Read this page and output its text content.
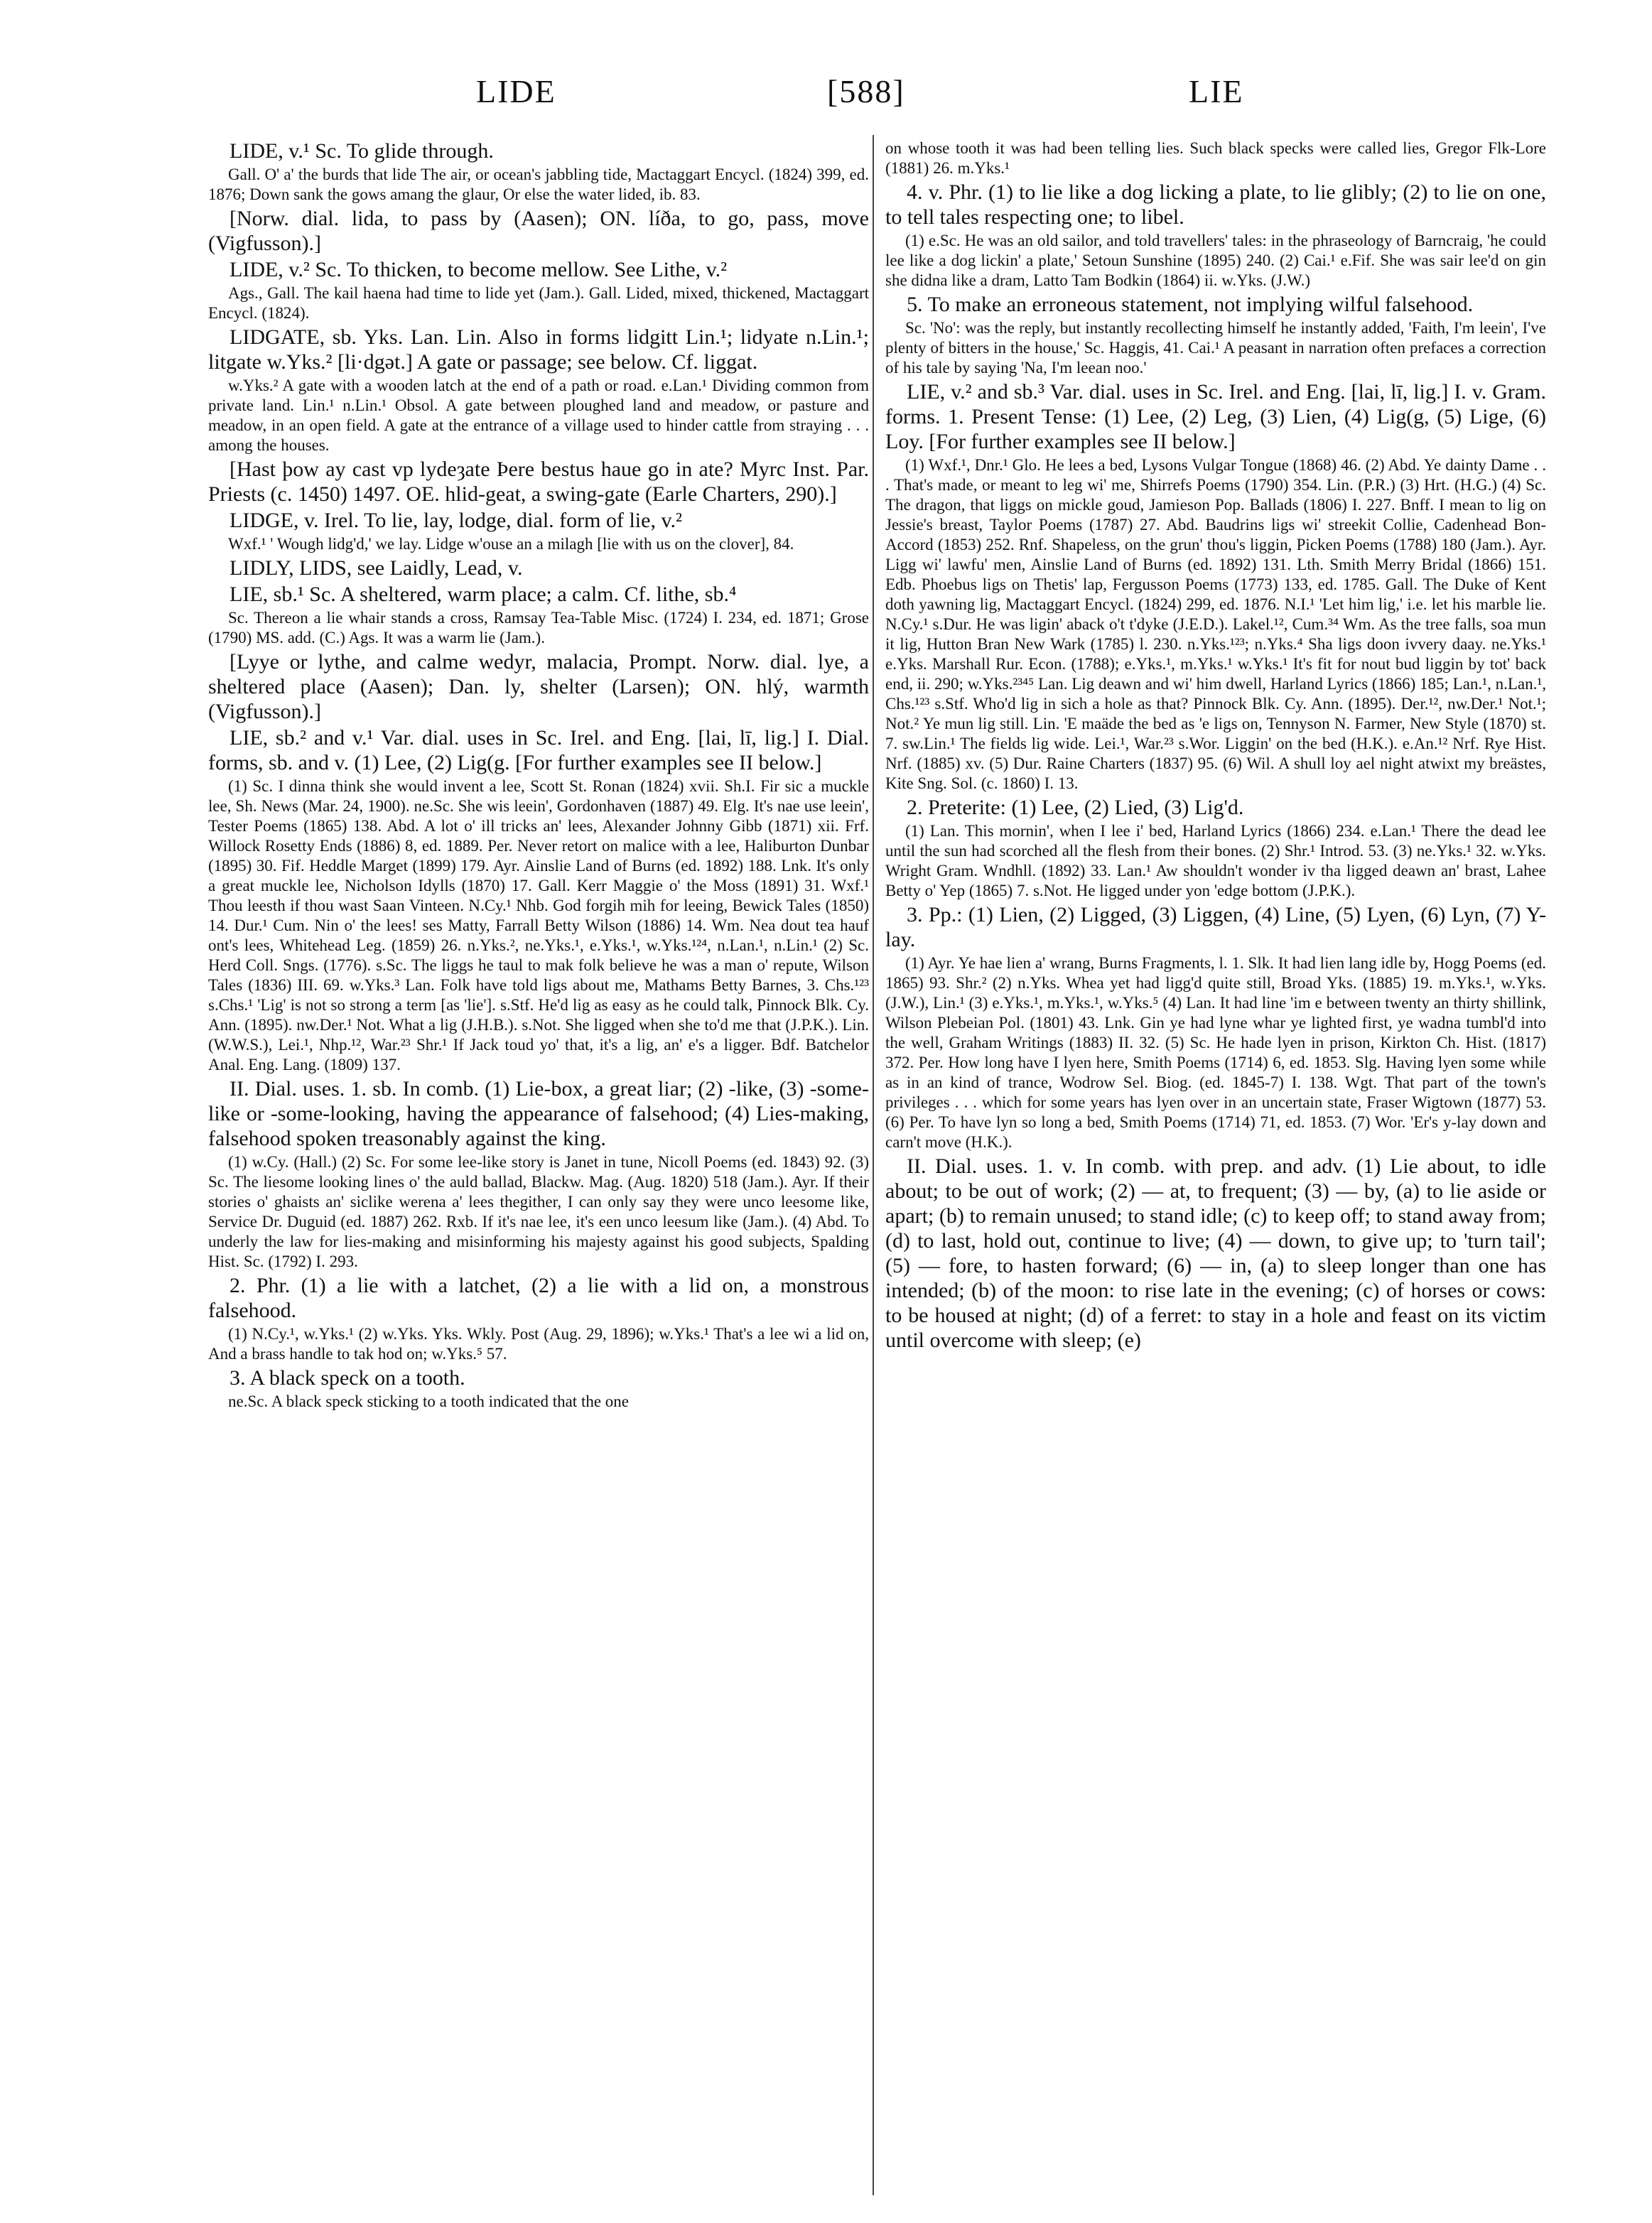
LIDE	[588]	LIE

LIDE, v.¹ Sc. To glide through.

Gall. O' a' the burds that lide The air, or ocean's jabbling tide, Mactaggart Encycl. (1824) 399, ed. 1876; Down sank the gows amang the glaur, Or else the water lided, ib. 83.

[Norw. dial. lida, to pass by (Aasen); ON. líða, to go, pass, move (Vigfusson).]

LIDE, v.² Sc. To thicken, to become mellow. See Lithe, v.²

Ags., Gall. The kail haena had time to lide yet (Jam.). Gall. Lided, mixed, thickened, Mactaggart Encycl. (1824).

LIDGATE, sb. Yks. Lan. Lin. Also in forms lidgitt Lin.¹; lidyate n.Lin.¹; litgate w.Yks.² [li·dgət.] A gate or passage; see below. Cf. liggat.

w.Yks.² A gate with a wooden latch at the end of a path or road. e.Lan.¹ Dividing common from private land. Lin.¹ n.Lin.¹ Obsol. A gate between ploughed land and meadow, or pasture and meadow, in an open field. A gate at the entrance of a village used to hinder cattle from straying . . . among the houses.

[Hast þow ay cast vp lydeȝate Þere bestus haue go in ate? Myrc Inst. Par. Priests (c. 1450) 1497. OE. hlid-geat, a swing-gate (Earle Charters, 290).]

LIDGE, v. Irel. To lie, lay, lodge, dial. form of lie, v.²

Wxf.¹ ' Wough lidg'd,' we lay. Lidge w'ouse an a milagh [lie with us on the clover], 84.

LIDLY, LIDS, see Laidly, Lead, v.

LIE, sb.¹ Sc. A sheltered, warm place; a calm. Cf. lithe, sb.⁴

Sc. Thereon a lie whair stands a cross, Ramsay Tea-Table Misc. (1724) I. 234, ed. 1871; Grose (1790) MS. add. (C.) Ags. It was a warm lie (Jam.).

[Lyye or lythe, and calme wedyr, malacia, Prompt. Norw. dial. lye, a sheltered place (Aasen); Dan. ly, shelter (Larsen); ON. hlý, warmth (Vigfusson).]

LIE, sb.² and v.¹ Var. dial. uses in Sc. Irel. and Eng. [lai, lī, lig.] I. Dial. forms, sb. and v. (1) Lee, (2) Lig(g. [For further examples see II below.]

(1) Sc. I dinna think she would invent a lee, Scott St. Ronan (1824) xvii. Sh.I. Fir sic a muckle lee, Sh. News (Mar. 24, 1900). ne.Sc. She wis leein', Gordonhaven (1887) 49. Elg. It's nae use leein', Tester Poems (1865) 138. Abd. A lot o' ill tricks an' lees, Alexander Johnny Gibb (1871) xii. Frf. Willock Rosetty Ends (1886) 8, ed. 1889. Per. Never retort on malice with a lee, Haliburton Dunbar (1895) 30. Fif. Heddle Marget (1899) 179. Ayr. Ainslie Land of Burns (ed. 1892) 188. Lnk. It's only a great muckle lee, Nicholson Idylls (1870) 17. Gall. Kerr Maggie o' the Moss (1891) 31. Wxf.¹ Thou leesth if thou wast Saan Vinteen. N.Cy.¹ Nhb. God forgih mih for leeing, Bewick Tales (1850) 14. Dur.¹ Cum. Nin o' the lees! ses Matty, Farrall Betty Wilson (1886) 14. Wm. Nea dout tea hauf ont's lees, Whitehead Leg. (1859) 26. n.Yks.², ne.Yks.¹, e.Yks.¹, w.Yks.¹²⁴, n.Lan.¹, n.Lin.¹ (2) Sc. Herd Coll. Sngs. (1776). s.Sc. The liggs he taul to mak folk believe he was a man o' repute, Wilson Tales (1836) III. 69. w.Yks.³ Lan. Folk have told ligs about me, Mathams Betty Barnes, 3. Chs.¹²³ s.Chs.¹ 'Lig' is not so strong a term [as 'lie']. s.Stf. He'd lig as easy as he could talk, Pinnock Blk. Cy. Ann. (1895). nw.Der.¹ Not. What a lig (J.H.B.). s.Not. She ligged when she to'd me that (J.P.K.). Lin. (W.W.S.), Lei.¹, Nhp.¹², War.²³ Shr.¹ If Jack toud yo' that, it's a lig, an' e's a ligger. Bdf. Batchelor Anal. Eng. Lang. (1809) 137.

II. Dial. uses. 1. sb. In comb. (1) Lie-box, a great liar; (2) -like, (3) -some-like or -some-looking, having the appearance of falsehood; (4) Lies-making, falsehood spoken treasonably against the king.

(1) w.Cy. (Hall.) (2) Sc. For some lee-like story is Janet in tune, Nicoll Poems (ed. 1843) 92. (3) Sc. The liesome looking lines o' the auld ballad, Blackw. Mag. (Aug. 1820) 518 (Jam.). Ayr. If their stories o' ghaists an' siclike werena a' lees thegither, I can only say they were unco leesome like, Service Dr. Duguid (ed. 1887) 262. Rxb. If it's nae lee, it's een unco leesum like (Jam.). (4) Abd. To underly the law for lies-making and misinforming his majesty against his good subjects, Spalding Hist. Sc. (1792) I. 293.

2. Phr. (1) a lie with a latchet, (2) a lie with a lid on, a monstrous falsehood.

(1) N.Cy.¹, w.Yks.¹ (2) w.Yks. Yks. Wkly. Post (Aug. 29, 1896); w.Yks.¹ That's a lee wi a lid on, And a brass handle to tak hod on; w.Yks.⁵ 57.

3. A black speck on a tooth.

ne.Sc. A black speck sticking to a tooth indicated that the one

on whose tooth it was had been telling lies. Such black specks were called lies, Gregor Flk-Lore (1881) 26. m.Yks.¹

4. v. Phr. (1) to lie like a dog licking a plate, to lie glibly; (2) to lie on one, to tell tales respecting one; to libel.

(1) e.Sc. He was an old sailor, and told travellers' tales: in the phraseology of Barncraig, 'he could lee like a dog lickin' a plate,' Setoun Sunshine (1895) 240. (2) Cai.¹ e.Fif. She was sair lee'd on gin she didna like a dram, Latto Tam Bodkin (1864) ii. w.Yks. (J.W.)

5. To make an erroneous statement, not implying wilful falsehood.

Sc. 'No': was the reply, but instantly recollecting himself he instantly added, 'Faith, I'm leein', I've plenty of bitters in the house,' Sc. Haggis, 41. Cai.¹ A peasant in narration often prefaces a correction of his tale by saying 'Na, I'm leean noo.'

LIE, v.² and sb.³ Var. dial. uses in Sc. Irel. and Eng. [lai, lī, lig.] I. v. Gram. forms. 1. Present Tense: (1) Lee, (2) Leg, (3) Lien, (4) Lig(g, (5) Lige, (6) Loy. [For further examples see II below.]

(1) Wxf.¹, Dnr.¹ Glo. He lees a bed, Lysons Vulgar Tongue (1868) 46. (2) Abd. Ye dainty Dame . . . That's made, or meant to leg wi' me, Shirrefs Poems (1790) 354. Lin. (P.R.) (3) Hrt. (H.G.) (4) Sc. The dragon, that liggs on mickle goud, Jamieson Pop. Ballads (1806) I. 227. Bnff. I mean to lig on Jessie's breast, Taylor Poems (1787) 27. Abd. Baudrins ligs wi' streekit Collie, Cadenhead Bon-Accord (1853) 252. Rnf. Shapeless, on the grun' thou's liggin, Picken Poems (1788) 180 (Jam.). Ayr. Ligg wi' lawfu' men, Ainslie Land of Burns (ed. 1892) 131. Lth. Smith Merry Bridal (1866) 151. Edb. Phoebus ligs on Thetis' lap, Fergusson Poems (1773) 133, ed. 1785. Gall. The Duke of Kent doth yawning lig, Mactaggart Encycl. (1824) 299, ed. 1876. N.I.¹ 'Let him lig,' i.e. let his marble lie. N.Cy.¹ s.Dur. He was ligin' aback o't t'dyke (J.E.D.). Lakel.¹², Cum.³⁴ Wm. As the tree falls, soa mun it lig, Hutton Bran New Wark (1785) l. 230. n.Yks.¹²³; n.Yks.⁴ Sha ligs doon ivvery daay. ne.Yks.¹ e.Yks. Marshall Rur. Econ. (1788); e.Yks.¹, m.Yks.¹ w.Yks.¹ It's fit for nout bud liggin by tot' back end, ii. 290; w.Yks.²³⁴⁵ Lan. Lig deawn and wi' him dwell, Harland Lyrics (1866) 185; Lan.¹, n.Lan.¹, Chs.¹²³ s.Stf. Who'd lig in sich a hole as that? Pinnock Blk. Cy. Ann. (1895). Der.¹², nw.Der.¹ Not.¹; Not.² Ye mun lig still. Lin. 'E maäde the bed as 'e ligs on, Tennyson N. Farmer, New Style (1870) st. 7. sw.Lin.¹ The fields lig wide. Lei.¹, War.²³ s.Wor. Liggin' on the bed (H.K.). e.An.¹² Nrf. Rye Hist. Nrf. (1885) xv. (5) Dur. Raine Charters (1837) 95. (6) Wil. A shull loy ael night atwixt my breästes, Kite Sng. Sol. (c. 1860) I. 13.

2. Preterite: (1) Lee, (2) Lied, (3) Lig'd.

(1) Lan. This mornin', when I lee i' bed, Harland Lyrics (1866) 234. e.Lan.¹ There the dead lee until the sun had scorched all the flesh from their bones. (2) Shr.¹ Introd. 53. (3) ne.Yks.¹ 32. w.Yks. Wright Gram. Wndhll. (1892) 33. Lan.¹ Aw shouldn't wonder iv tha ligged deawn an' brast, Lahee Betty o' Yep (1865) 7. s.Not. He ligged under yon 'edge bottom (J.P.K.).

3. Pp.: (1) Lien, (2) Ligged, (3) Liggen, (4) Line, (5) Lyen, (6) Lyn, (7) Y-lay.

(1) Ayr. Ye hae lien a' wrang, Burns Fragments, l. 1. Slk. It had lien lang idle by, Hogg Poems (ed. 1865) 93. Shr.² (2) n.Yks. Whea yet had ligg'd quite still, Broad Yks. (1885) 19. m.Yks.¹, w.Yks. (J.W.), Lin.¹ (3) e.Yks.¹, m.Yks.¹, w.Yks.⁵ (4) Lan. It had line 'im e between twenty an thirty shillink, Wilson Plebeian Pol. (1801) 43. Lnk. Gin ye had lyne whar ye lighted first, ye wadna tumbl'd into the well, Graham Writings (1883) II. 32. (5) Sc. He hade lyen in prison, Kirkton Ch. Hist. (1817) 372. Per. How long have I lyen here, Smith Poems (1714) 6, ed. 1853. Slg. Having lyen some while as in an kind of trance, Wodrow Sel. Biog. (ed. 1845-7) I. 138. Wgt. That part of the town's privileges . . . which for some years has lyen over in an uncertain state, Fraser Wigtown (1877) 53. (6) Per. To have lyn so long a bed, Smith Poems (1714) 71, ed. 1853. (7) Wor. 'Er's y-lay down and carn't move (H.K.).

II. Dial. uses. 1. v. In comb. with prep. and adv. (1) Lie about, to idle about; to be out of work; (2) — at, to frequent; (3) — by, (a) to lie aside or apart; (b) to remain unused; to stand idle; (c) to keep off; to stand away from; (d) to last, hold out, continue to live; (4) — down, to give up; to 'turn tail'; (5) — fore, to hasten forward; (6) — in, (a) to sleep longer than one has intended; (b) of the moon: to rise late in the evening; (c) of horses or cows: to be housed at night; (d) of a ferret: to stay in a hole and feast on its victim until overcome with sleep; (e)
